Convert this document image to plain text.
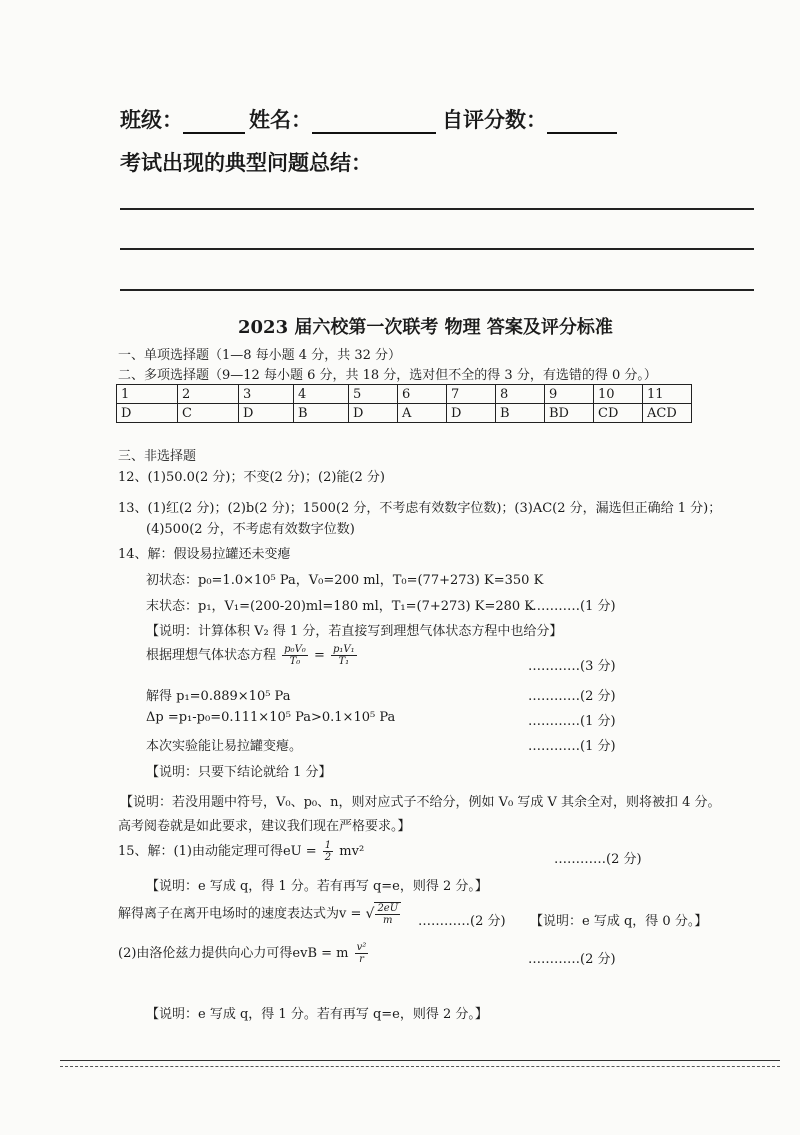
班级：	姓名：	自评分数：
考试出现的典型问题总结：
2023 届六校第一次联考 物理 答案及评分标准
一、单项选择题（1—8 每小题 4 分，共 32 分）
二、多项选择题（9—12 每小题 6 分，共 18 分，选对但不全的得 3 分，有选错的得 0 分。）
1	2	3	4	5	6	7	8	9	10	11
D	C	D	B	D	A	D	B	BD	CD	ACD
三、非选择题
12、(1)50.0(2 分)；不变(2 分)；(2)能(2 分)
13、(1)红(2 分)；(2)b(2 分)；1500(2 分，不考虑有效数字位数)；(3)AC(2 分，漏选但正确给 1 分)；
(4)500(2 分，不考虑有效数字位数)
14、解：假设易拉罐还未变瘪
初状态：p₀=1.0×10⁵ Pa，V₀=200 ml，T₀=(77+273) K=350 K
末状态：p₁，V₁=(200-20)ml=180 ml，T₁=(7+273) K=280 K
…………(1 分)
【说明：计算体积 V₂ 得 1 分，若直接写到理想气体状态方程中也给分】
根据理想气体状态方程 $\frac{\text{p₀V₀}}{\text{T₀}} = \frac{\text{p₁V₁}}{\text{T₁}}$	…………(3 分)
解得 p₁=0.889×10⁵ Pa	…………(2 分)
Δp =p₁-p₀=0.111×10⁵ Pa>0.1×10⁵ Pa	…………(1 分)
本次实验能让易拉罐变瘪。	…………(1 分)
【说明：只要下结论就给 1 分】
【说明：若没用题中符号，V₀、p₀、n，则对应式子不给分，例如 V₀ 写成 V 其余全对，则将被扣 4 分。
高考阅卷就是如此要求，建议我们现在严格要求。】
15、解：(1)由动能定理可得eU = $\frac{1}{2} mv^2$
…………(2 分)
【说明：e 写成 q，得 1 分。若有再写 q=e，则得 2 分。】
解得离子在离开电场时的速度表达式为v = √ $\frac{2eU}{m}$ …………(2 分) 【说明：e 写成 q，得 0 分。】
(2)由洛伦兹力提供向心力可得evB = m $\frac{\text{v²}}{r}$	…………(2 分)
【说明：e 写成 q，得 1 分。若有再写 q=e，则得 2 分。】
